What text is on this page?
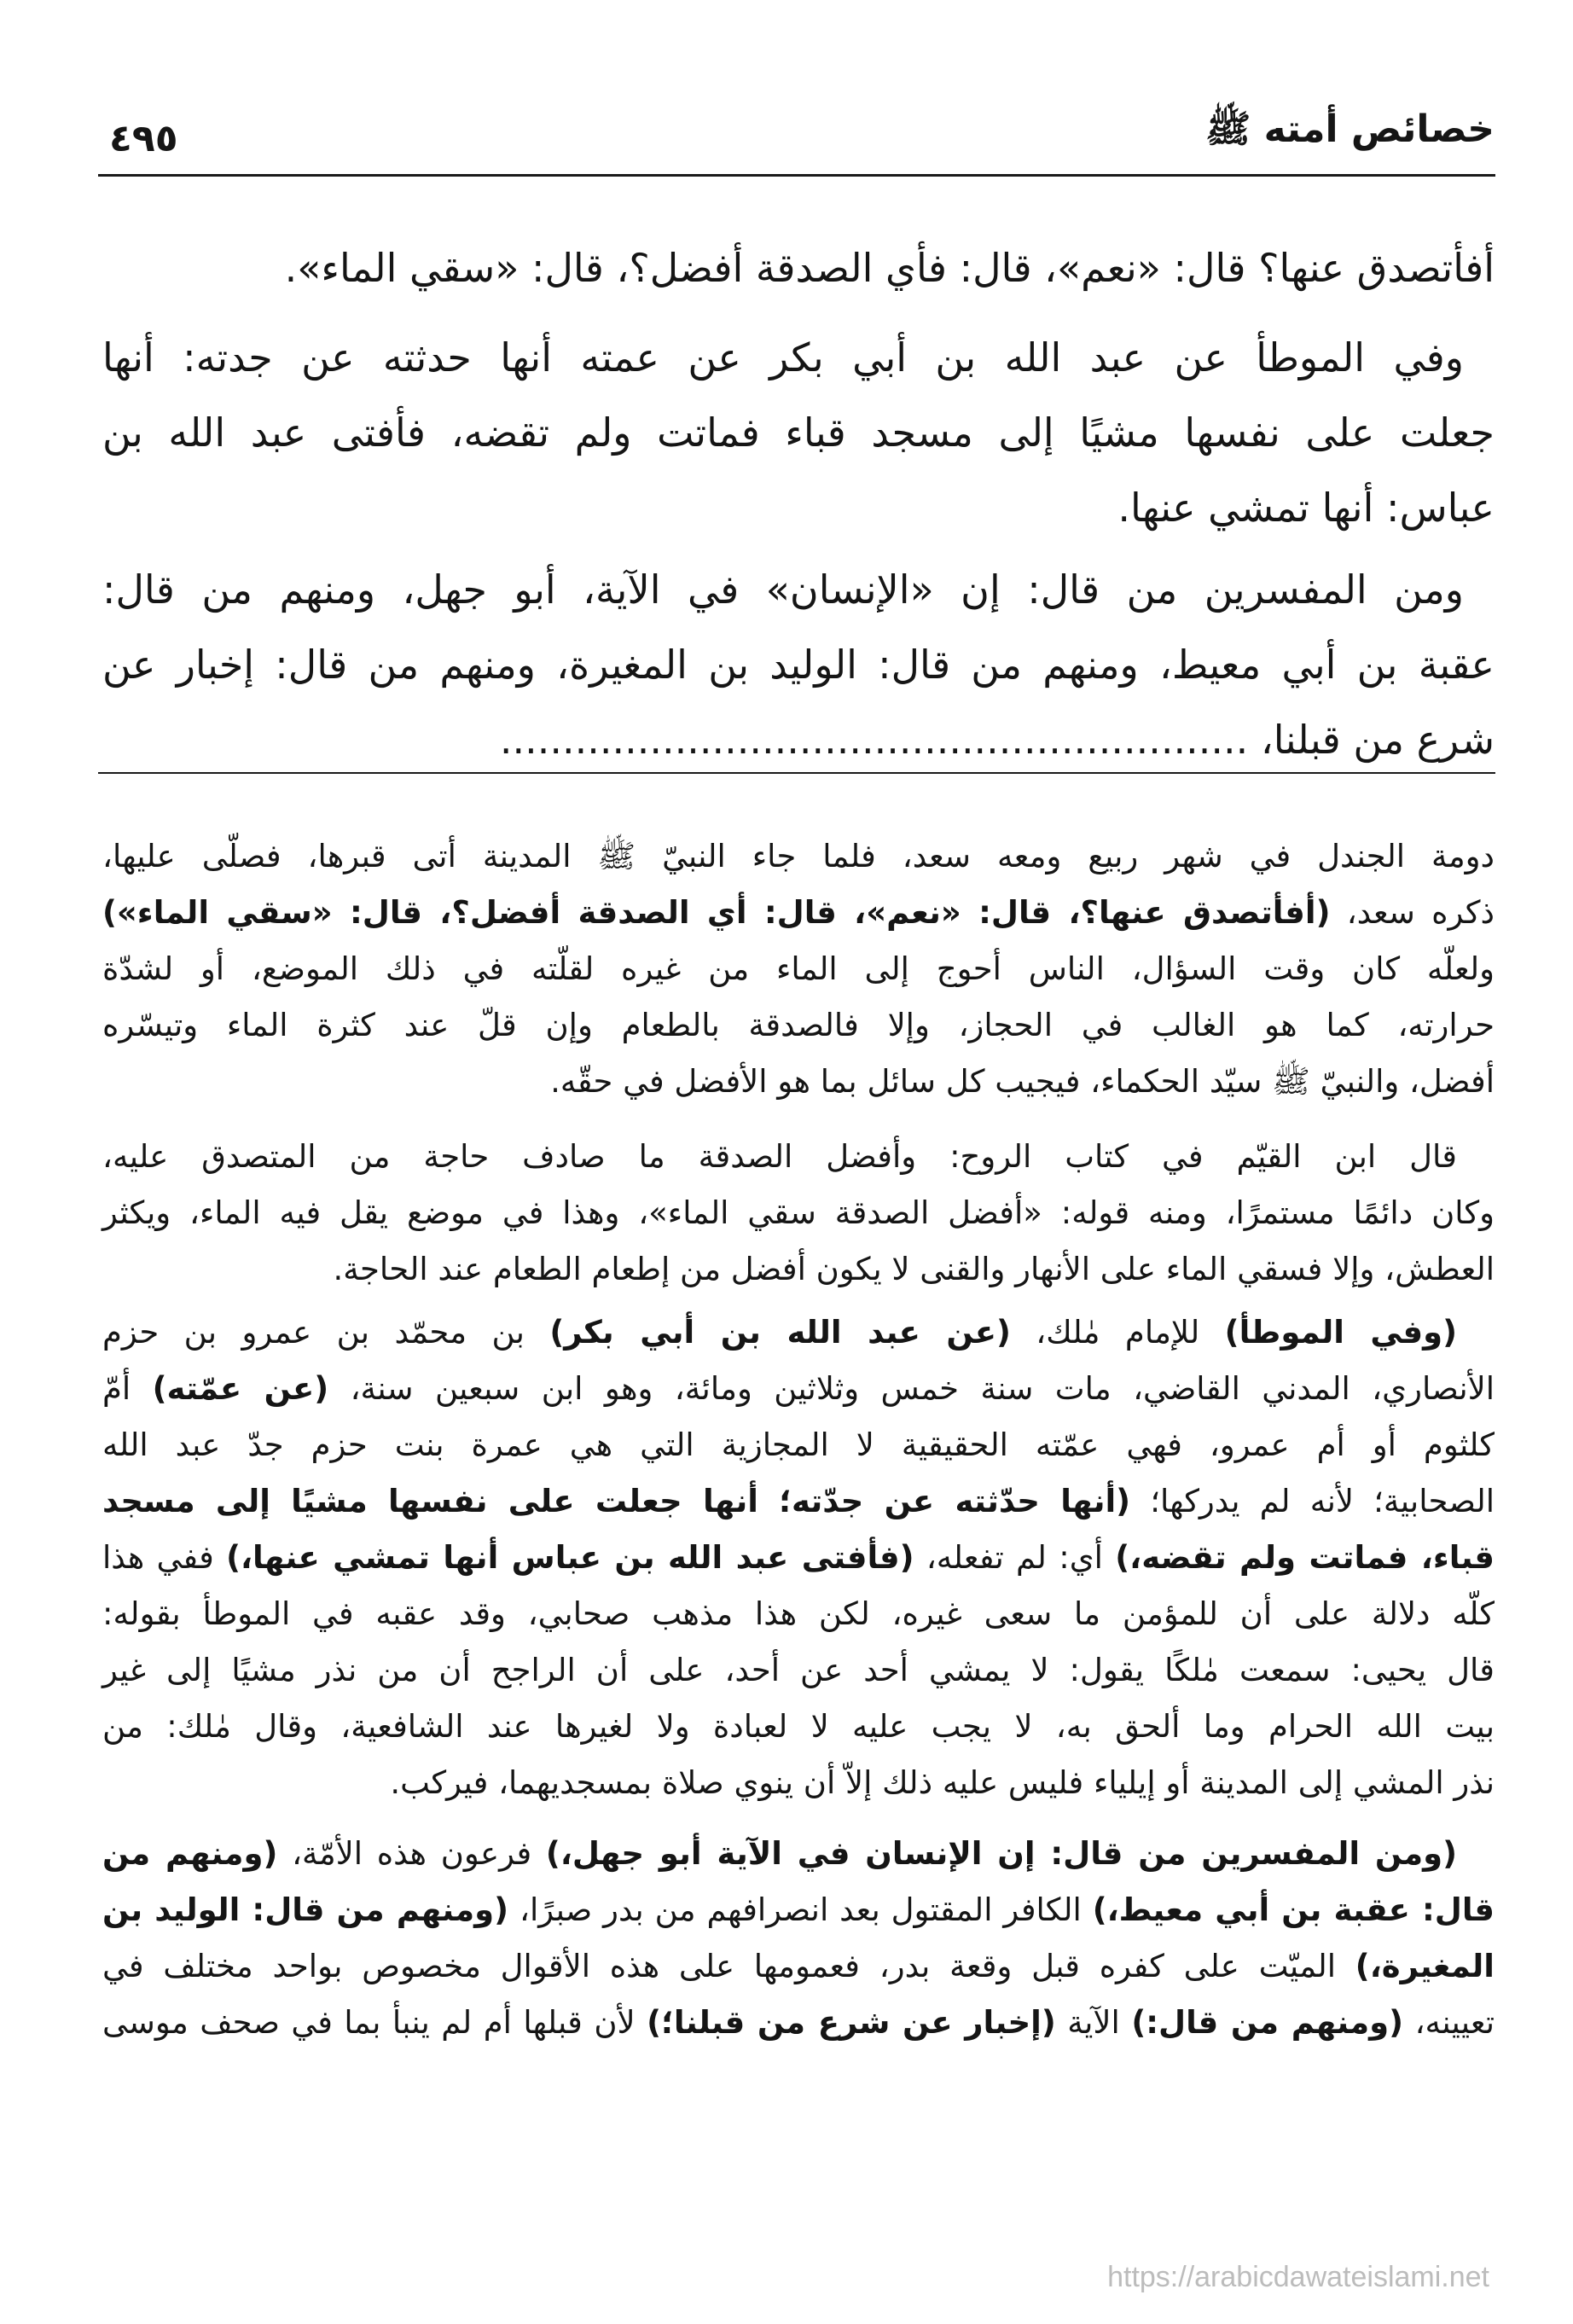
خصائص أمته ﷺ
٤٩٥
أفأتصدق عنها؟ قال: «نعم»، قال: فأي الصدقة أفضل؟، قال: «سقي الماء».
وفي الموطأ عن عبد الله بن أبي بكر عن عمته أنها حدثته عن جدته: أنها
جعلت على نفسها مشيًا إلى مسجد قباء فماتت ولم تقضه، فأفتى عبد الله بن
عباس: أنها تمشي عنها.
ومن المفسرين من قال: إن «الإنسان» في الآية، أبو جهل، ومنهم من قال:
عقبة بن أبي معيط، ومنهم من قال: الوليد بن المغيرة، ومنهم من قال: إخبار عن
شرع من قبلنا، ............................................................
دومة الجندل في شهر ربيع ومعه سعد، فلما جاء النبيّ ﷺ المدينة أتى قبرها، فصلّى عليها،
ذكره سعد، (أفأتصدق عنها؟، قال: «نعم»، قال: أي الصدقة أفضل؟، قال: «سقي الماء»)
ولعلّه كان وقت السؤال، الناس أحوج إلى الماء من غيره لقلّته في ذلك الموضع، أو لشدّة
حرارته، كما هو الغالب في الحجاز، وإلا فالصدقة بالطعام وإن قلّ عند كثرة الماء وتيسّره
أفضل، والنبيّ ﷺ سيّد الحكماء، فيجيب كل سائل بما هو الأفضل في حقّه.
قال ابن القيّم في كتاب الروح: وأفضل الصدقة ما صادف حاجة من المتصدق عليه،
وكان دائمًا مستمرًا، ومنه قوله: «أفضل الصدقة سقي الماء»، وهذا في موضع يقل فيه الماء، ويكثر
العطش، وإلا فسقي الماء على الأنهار والقنى لا يكون أفضل من إطعام الطعام عند الحاجة.
(وفي الموطأ) للإمام مٰلك، (عن عبد الله بن أبي بكر) بن محمّد بن عمرو بن حزم
الأنصاري، المدني القاضي، مات سنة خمس وثلاثين ومائة، وهو ابن سبعين سنة، (عن عمّته) أمّ
كلثوم أو أم عمرو، فهي عمّته الحقيقية لا المجازية التي هي عمرة بنت حزم جدّ عبد الله
الصحابية؛ لأنه لم يدركها؛ (أنها حدّثته عن جدّته؛ أنها جعلت على نفسها مشيًا إلى مسجد
قباء، فماتت ولم تقضه،) أي: لم تفعله، (فأفتى عبد الله بن عباس أنها تمشي عنها،) ففي هذا
كلّه دلالة على أن للمؤمن ما سعى غيره، لكن هذا مذهب صحابي، وقد عقبه في الموطأ بقوله:
قال يحيى: سمعت مٰلكًا يقول: لا يمشي أحد عن أحد، على أن الراجح أن من نذر مشيًا إلى غير
بيت الله الحرام وما ألحق به، لا يجب عليه لا لعبادة ولا لغيرها عند الشافعية، وقال مٰلك: من
نذر المشي إلى المدينة أو إيلياء فليس عليه ذلك إلاّ أن ينوي صلاة بمسجديهما، فيركب.
(ومن المفسرين من قال: إن الإنسان في الآية أبو جهل،) فرعون هذه الأمّة، (ومنهم من
قال: عقبة بن أبي معيط،) الكافر المقتول بعد انصرافهم من بدر صبرًا، (ومنهم من قال: الوليد بن
المغيرة،) الميّت على كفره قبل وقعة بدر، فعمومها على هذه الأقوال مخصوص بواحد مختلف في
تعيينه، (ومنهم من قال:) الآية (إخبار عن شرع من قبلنا؛) لأن قبلها أم لم ينبأ بما في صحف موسى
https://arabicdawateislami.net
